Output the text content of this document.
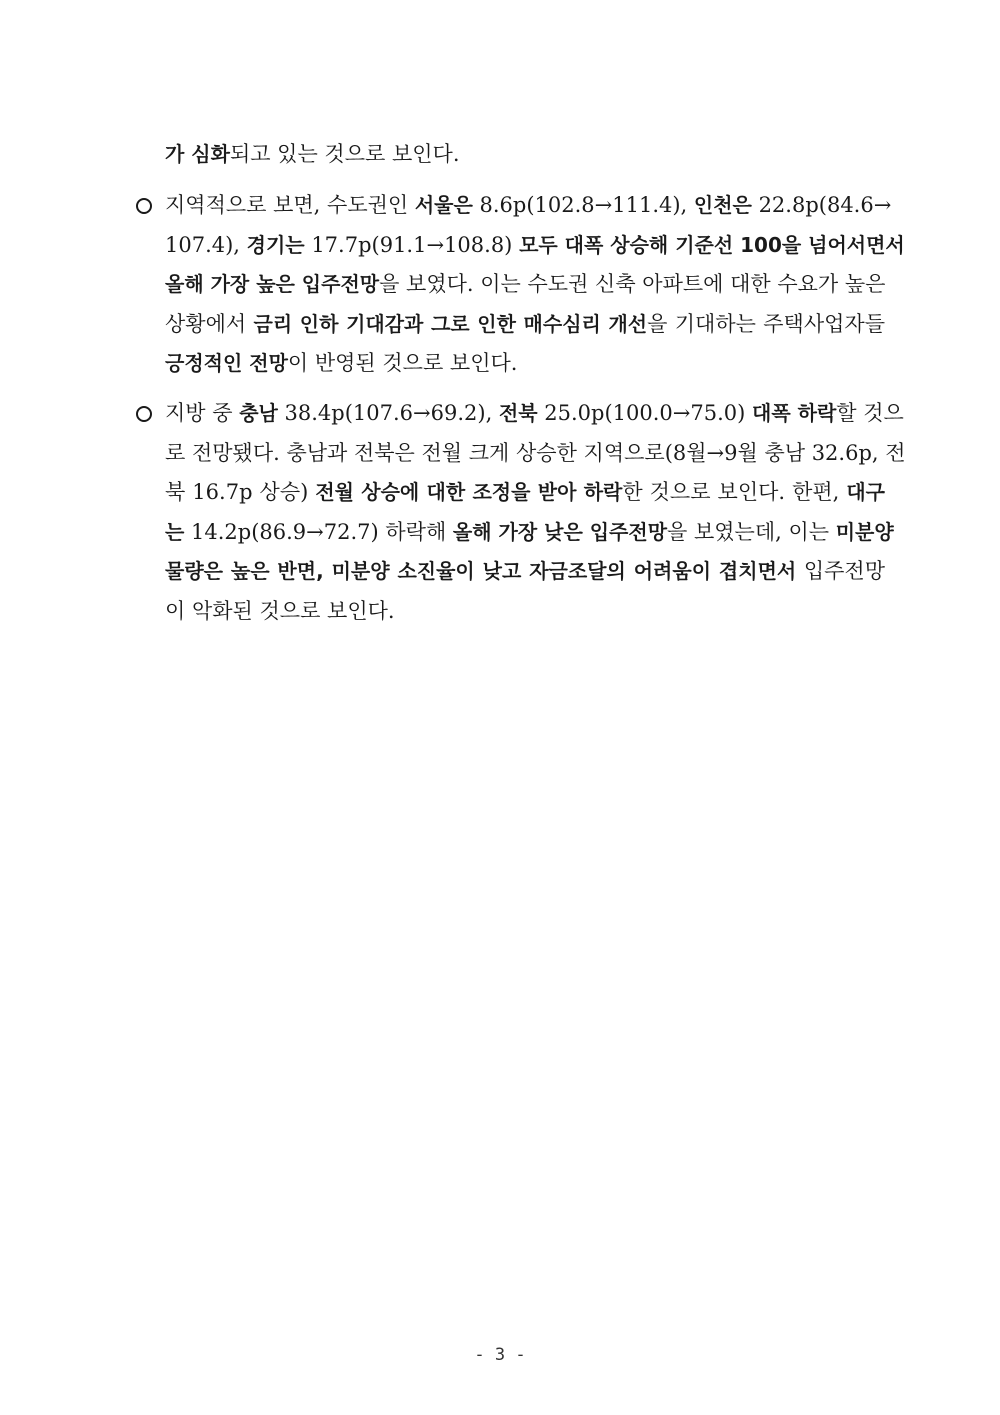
가 심화되고 있는 것으로 보인다.
지역적으로 보면, 수도권인 서울은 8.6p(102.8→111.4), 인천은 22.8p(84.6→
107.4), 경기는 17.7p(91.1→108.8) 모두 대폭 상승해 기준선 100을 넘어서면서
올해 가장 높은 입주전망을 보였다. 이는 수도권 신축 아파트에 대한 수요가 높은
상황에서 금리 인하 기대감과 그로 인한 매수심리 개선을 기대하는 주택사업자들
긍정적인 전망이 반영된 것으로 보인다.
지방 중 충남 38.4p(107.6→69.2), 전북 25.0p(100.0→75.0) 대폭 하락할 것으
로 전망됐다. 충남과 전북은 전월 크게 상승한 지역으로(8월→9월 충남 32.6p, 전
북 16.7p 상승) 전월 상승에 대한 조정을 받아 하락한 것으로 보인다. 한편, 대구
는 14.2p(86.9→72.7) 하락해 올해 가장 낮은 입주전망을 보였는데, 이는 미분양
물량은 높은 반면, 미분양 소진율이 낮고 자금조달의 어려움이 겹치면서 입주전망
이 악화된 것으로 보인다.
- 3 -
